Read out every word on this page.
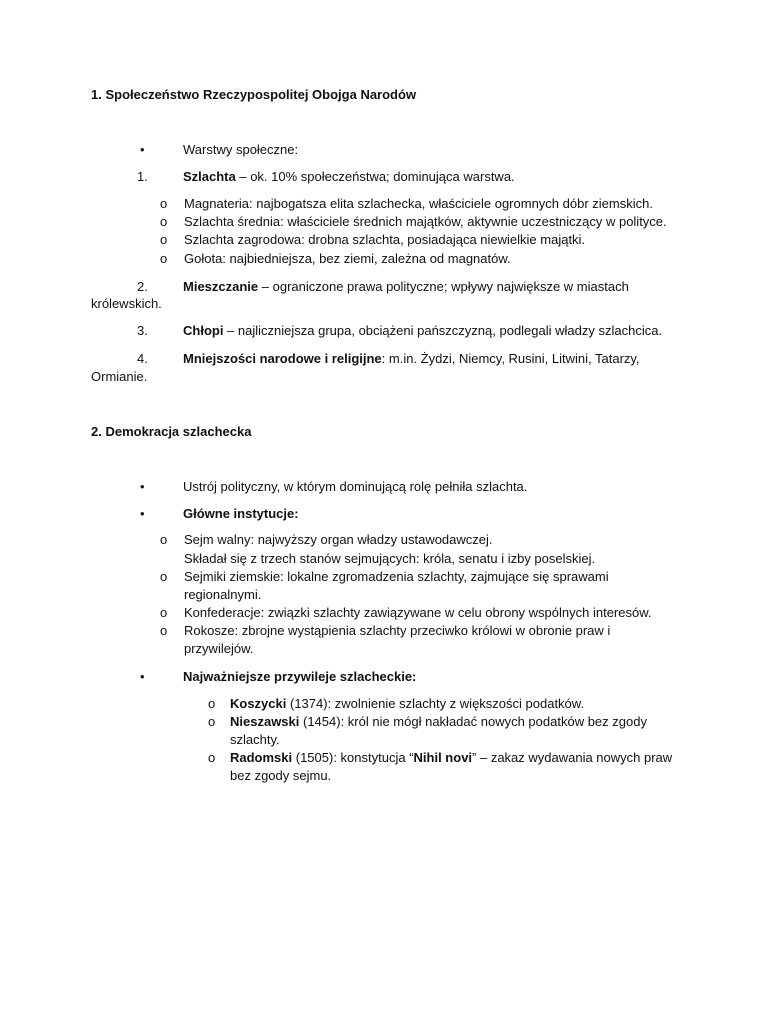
1. Społeczeństwo Rzeczypospolitej Obojga Narodów
•	Warstwy społeczne:
1.	Szlachta – ok. 10% społeczeństwa; dominująca warstwa.
o Magnateria: najbogatsza elita szlachecka, właściciele ogromnych dóbr ziemskich.
o Szlachta średnia: właściciele średnich majątków, aktywnie uczestniczący w polityce.
o Szlachta zagrodowa: drobna szlachta, posiadająca niewielkie majątki.
o Gołota: najbiedniejsza, bez ziemi, zależna od magnatów.
2.	Mieszczanie – ograniczone prawa polityczne; wpływy największe w miastach
królewskich.
3.	Chłopi – najliczniejsza grupa, obciążeni pańszczyzną, podlegali władzy szlachcica.
4.	Mniejszości narodowe i religijne: m.in. Żydzi, Niemcy, Rusini, Litwini, Tatarzy,
Ormianie.
2. Demokracja szlachecka
•	Ustrój polityczny, w którym dominującą rolę pełniła szlachta.
•	Główne instytucje:
o Sejm walny: najwyższy organ władzy ustawodawczej.
Składał się z trzech stanów sejmujących: króla, senatu i izby poselskiej.
o Sejmiki ziemskie: lokalne zgromadzenia szlachty, zajmujące się sprawami
regionalnymi.
o Konfederacje: związki szlachty zawiązywane w celu obrony wspólnych interesów.
o Rokosze: zbrojne wystąpienia szlachty przeciwko królowi w obronie praw i
przywilejów.
•	Najważniejsze przywileje szlacheckie:
o Koszycki (1374): zwolnienie szlachty z większości podatków.
o Nieszawski (1454): król nie mógł nakładać nowych podatków bez zgody
szlachty.
o Radomski (1505): konstytucja “Nihil novi” – zakaz wydawania nowych praw
bez zgody sejmu.
